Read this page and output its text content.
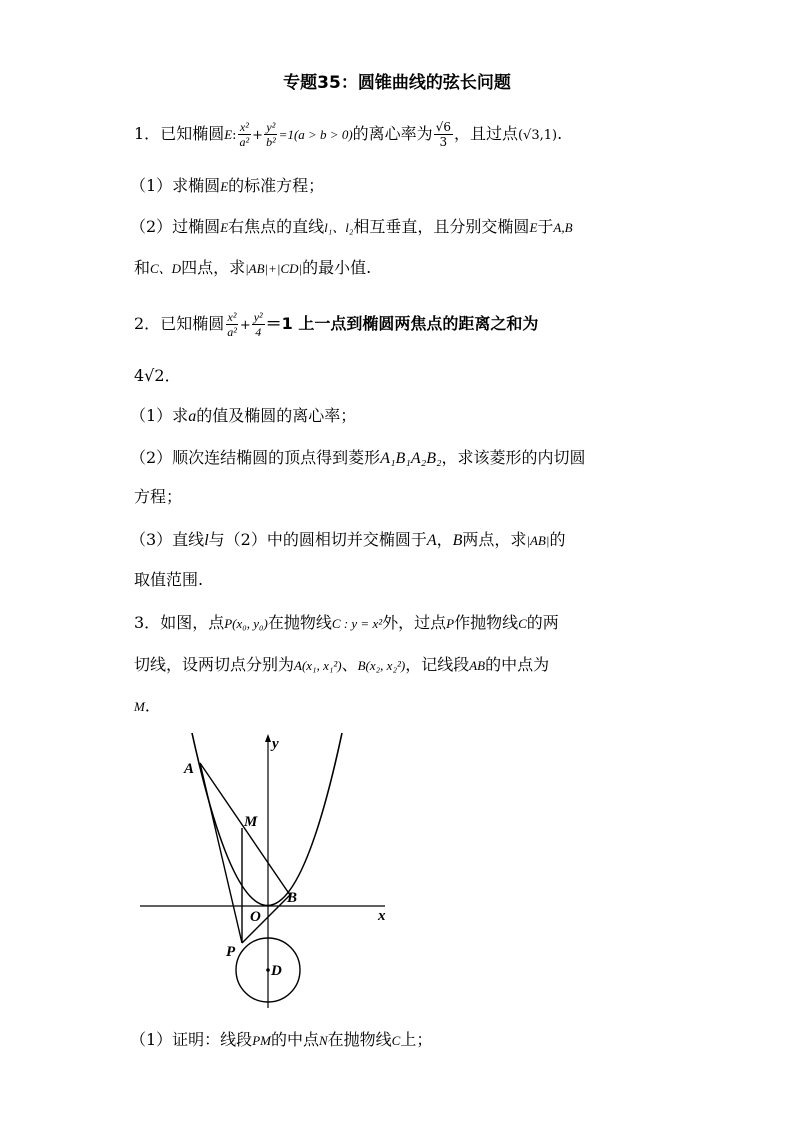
专题35：圆锥曲线的弦长问题
1．已知椭圆E: $\frac{\text{x²}}{\text{a²}} + \frac{\text{y²}}{\text{b²}} =1(a > b > 0)$的离心率为 $\frac{√6}{3}$ ，且过点(√3,1).
（1）求椭圆E的标准方程；
（2）过椭圆E右焦点的直线l₁、l₂相互垂直，且分别交椭圆E于A,B
和C、D四点，求|AB|+|CD|的最小值.
2．已知椭圆 $\frac{\text{x²}}{\text{a²}} + \frac{\text{y²}}{4} =1$ 上一点到椭圆两焦点的距离之和为
4√2．
（1）求a的值及椭圆的离心率；
（2）顺次连结椭圆的顶点得到菱形A₁B₁A₂B₂，求该菱形的内切圆
方程；
（3）直线l与（2）中的圆相切并交椭圆于A，B两点，求|AB|的
取值范围.
3．如图，点P(x₀, y₀)在抛物线C : y = x²外，过点P作抛物线C的两
切线，设两切点分别为A(x₁, x₁²)、B(x₂, x₂²)，记线段AB的中点为
M．
y
x
A
M
B
O
P
D
（1）证明：线段PM的中点N在抛物线C上；
